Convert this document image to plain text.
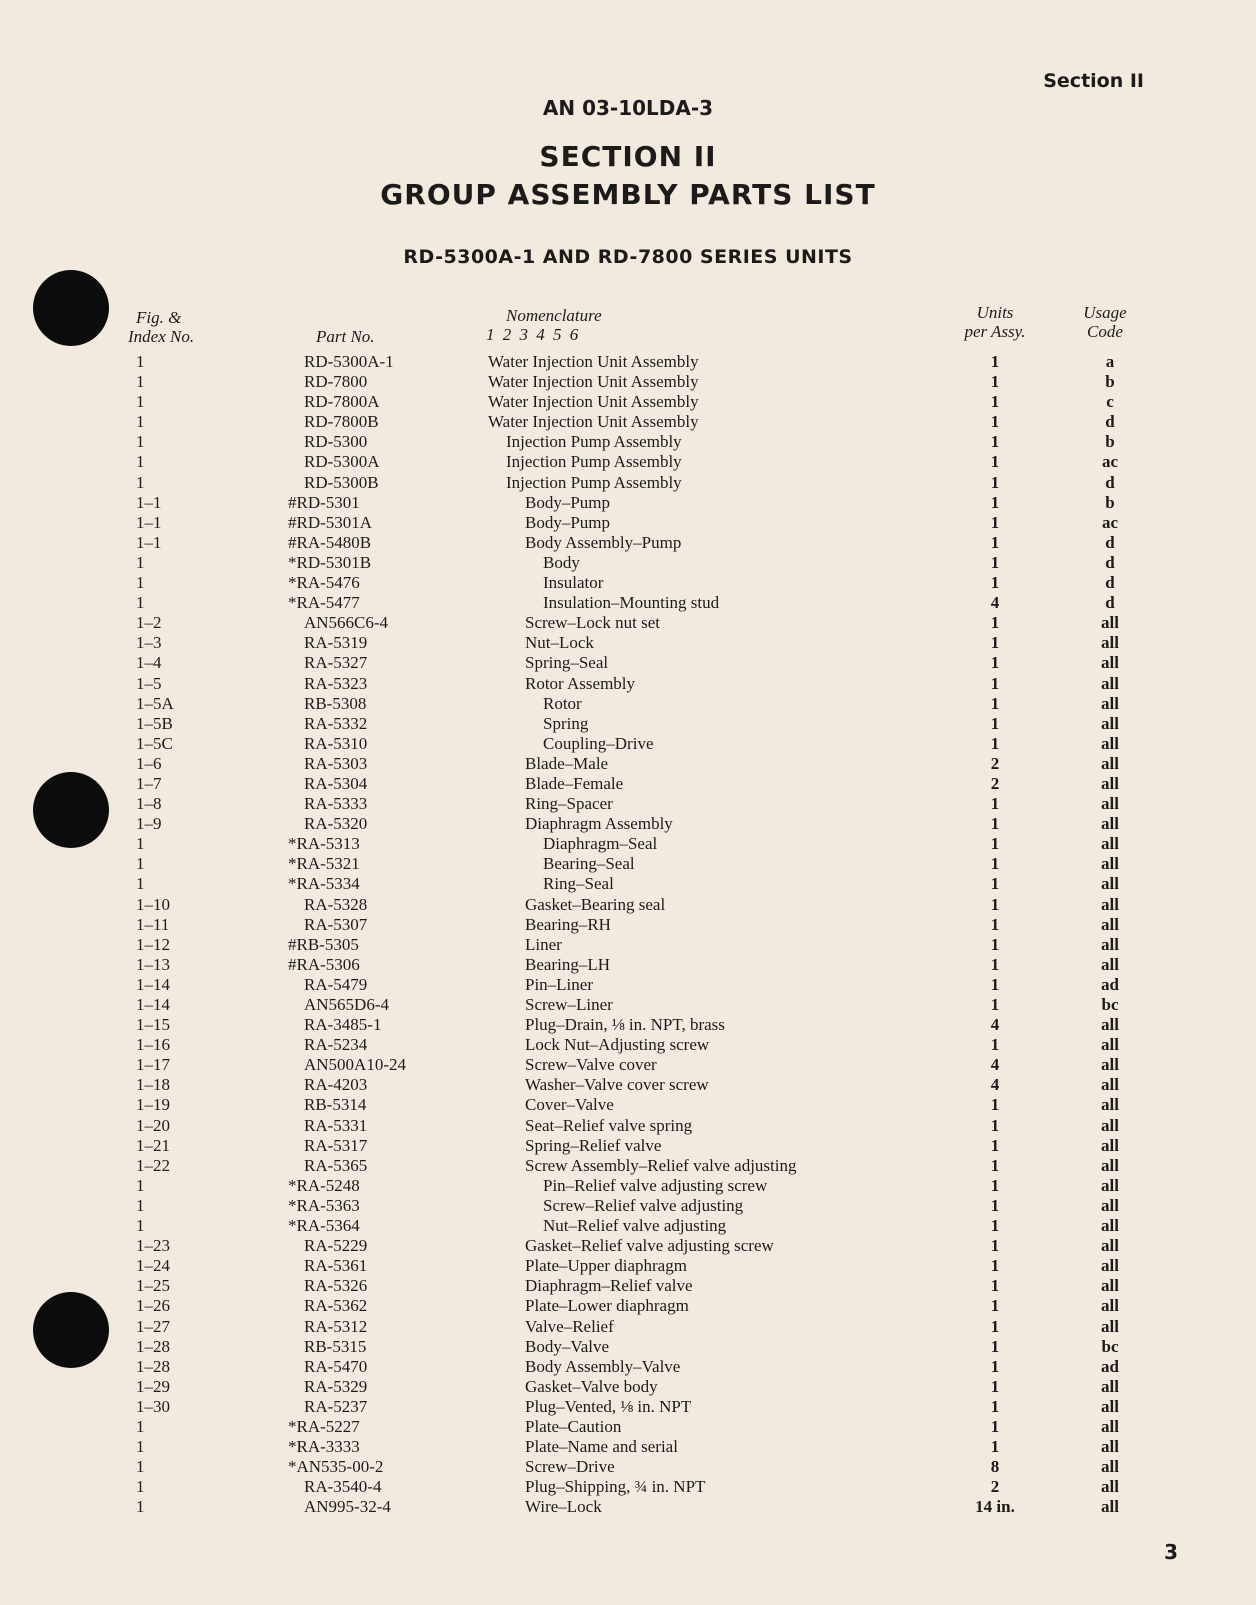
Section II
AN 03-10LDA-3
SECTION II
GROUP ASSEMBLY PARTS LIST
RD-5300A-1 AND RD-7800 SERIES UNITS
Fig. &
Index No.	Part No.
Nomenclature
1 2 3 4 5 6
Units
per Assy.
Usage
Code
1	RD-5300A-1	Water Injection Unit Assembly	1	a
1	RD-7800	Water Injection Unit Assembly	1	b
1	RD-7800A	Water Injection Unit Assembly	1	c
1	RD-7800B	Water Injection Unit Assembly	1	d
1	RD-5300	Injection Pump Assembly	1	b
1	RD-5300A	Injection Pump Assembly	1	ac
1	RD-5300B	Injection Pump Assembly	1	d
1–1	#RD-5301	Body–Pump	1	b
1–1	#RD-5301A	Body–Pump	1	ac
1–1	#RA-5480B	Body Assembly–Pump	1	d
1	*RD-5301B	Body	1	d
1	*RA-5476	Insulator	1	d
1	*RA-5477	Insulation–Mounting stud	4	d
1–2	AN566C6-4	Screw–Lock nut set	1	all
1–3	RA-5319	Nut–Lock	1	all
1–4	RA-5327	Spring–Seal	1	all
1–5	RA-5323	Rotor Assembly	1	all
1–5A	RB-5308	Rotor	1	all
1–5B	RA-5332	Spring	1	all
1–5C	RA-5310	Coupling–Drive	1	all
1–6	RA-5303	Blade–Male	2	all
1–7	RA-5304	Blade–Female	2	all
1–8	RA-5333	Ring–Spacer	1	all
1–9	RA-5320	Diaphragm Assembly	1	all
1	*RA-5313	Diaphragm–Seal	1	all
1	*RA-5321	Bearing–Seal	1	all
1	*RA-5334	Ring–Seal	1	all
1–10	RA-5328	Gasket–Bearing seal	1	all
1–11	RA-5307	Bearing–RH	1	all
1–12	#RB-5305	Liner	1	all
1–13	#RA-5306	Bearing–LH	1	all
1–14	RA-5479	Pin–Liner	1	ad
1–14	AN565D6-4	Screw–Liner	1	bc
1–15	RA-3485-1	Plug–Drain, ⅛ in. NPT, brass	4	all
1–16	RA-5234	Lock Nut–Adjusting screw	1	all
1–17	AN500A10-24	Screw–Valve cover	4	all
1–18	RA-4203	Washer–Valve cover screw	4	all
1–19	RB-5314	Cover–Valve	1	all
1–20	RA-5331	Seat–Relief valve spring	1	all
1–21	RA-5317	Spring–Relief valve	1	all
1–22	RA-5365	Screw Assembly–Relief valve adjusting	1	all
1	*RA-5248	Pin–Relief valve adjusting screw	1	all
1	*RA-5363	Screw–Relief valve adjusting	1	all
1	*RA-5364	Nut–Relief valve adjusting	1	all
1–23	RA-5229	Gasket–Relief valve adjusting screw	1	all
1–24	RA-5361	Plate–Upper diaphragm	1	all
1–25	RA-5326	Diaphragm–Relief valve	1	all
1–26	RA-5362	Plate–Lower diaphragm	1	all
1–27	RA-5312	Valve–Relief	1	all
1–28	RB-5315	Body–Valve	1	bc
1–28	RA-5470	Body Assembly–Valve	1	ad
1–29	RA-5329	Gasket–Valve body	1	all
1–30	RA-5237	Plug–Vented, ⅛ in. NPT	1	all
1	*RA-5227	Plate–Caution	1	all
1	*RA-3333	Plate–Name and serial	1	all
1	*AN535-00-2	Screw–Drive	8	all
1	RA-3540-4	Plug–Shipping, ¾ in. NPT	2	all
1	AN995-32-4	Wire–Lock	14 in.	all
3
